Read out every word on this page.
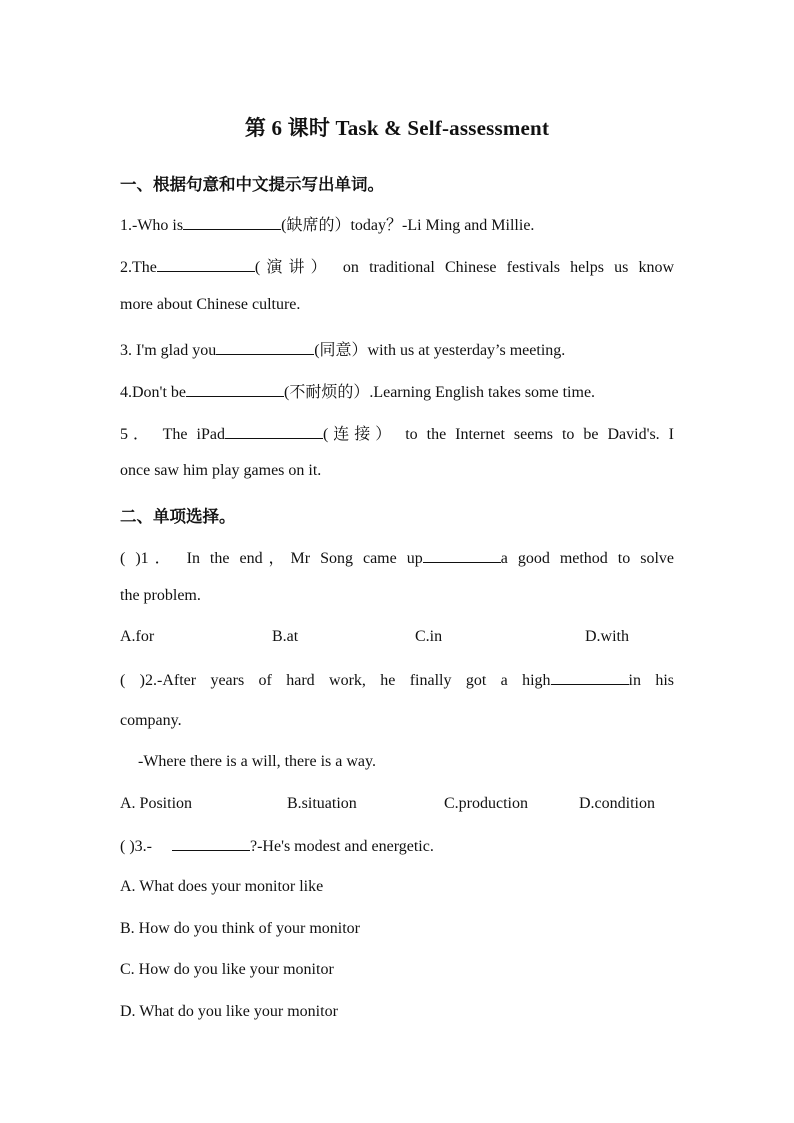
第 6 课时 Task & Self-assessment
一、根据句意和中文提示写出单词。
1.-Who is	(缺席的）today？-Li Ming and Millie.
2.The	(演讲） on traditional Chinese festivals helps us know
more about Chinese culture.
3. I'm glad you	(同意）with us at yesterday’s meeting.
4.Don't be	(不耐烦的）.Learning English takes some time.
5． The iPad	(连接） to the Internet seems to be David's. I
once saw him play games on it.
二、单项选择。
( )1． In the end，Mr Song came up	a good method to solve
the problem.
A.for	B.at	C.in	D.with
( )2.-After years of hard work, he finally got a high	in his
company.
-Where there is a will, there is a way.
A. Position	B.situation	C.production	D.condition
( )3.-	?-He's modest and energetic.
A. What does your monitor like
B. How do you think of your monitor
C. How do you like your monitor
D. What do you like your monitor
